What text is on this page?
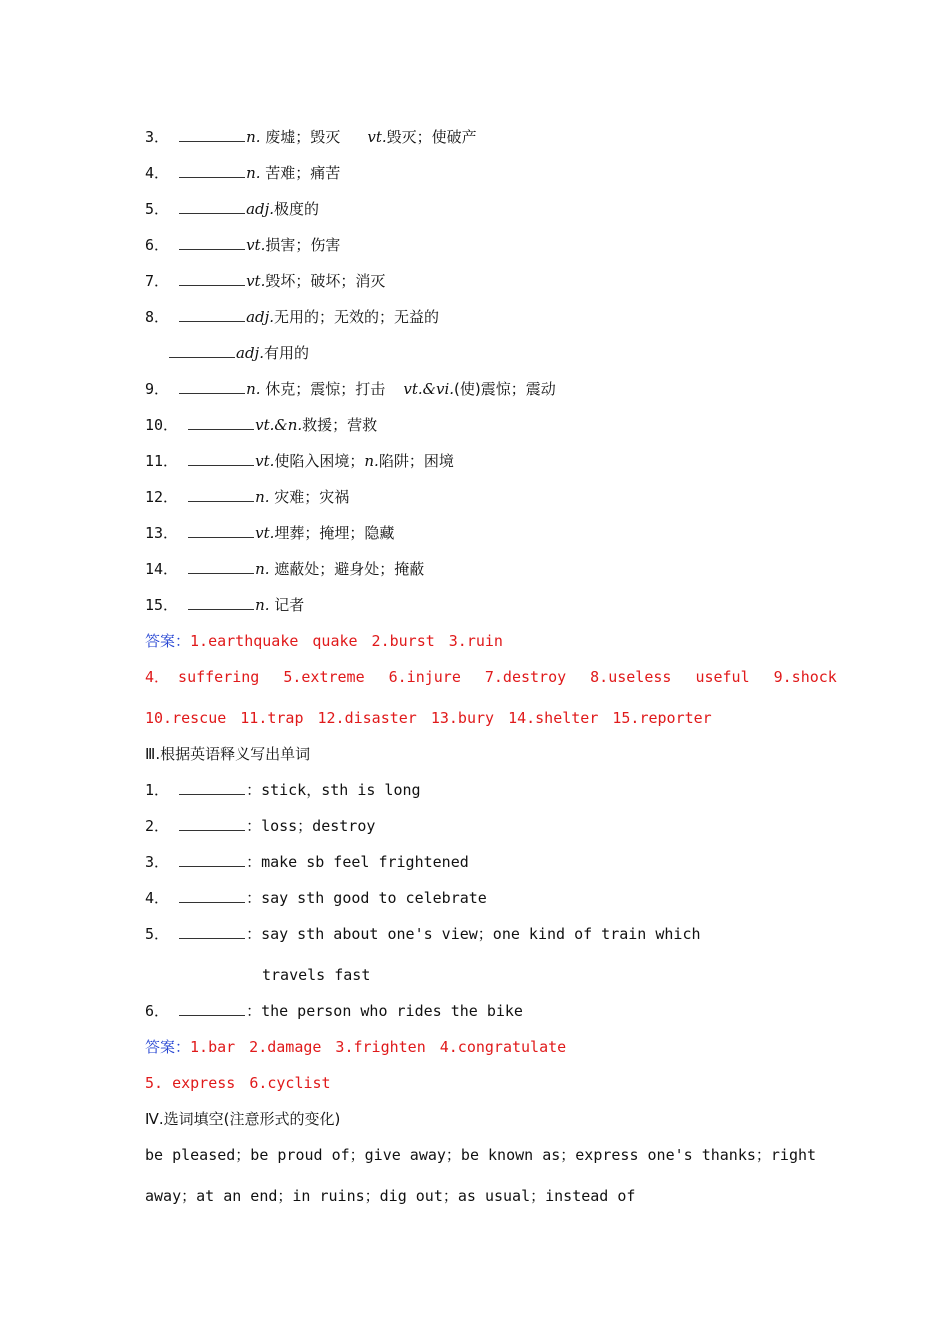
3．	n. 废墟；毁灭 vt.毁灭；使破产
4．	n. 苦难；痛苦
5．	adj.极度的
6．	vt.损害；伤害
7．	vt.毁坏；破坏；消灭
8．	adj.无用的；无效的；无益的
adj.有用的
9．	n. 休克；震惊；打击 vt.&vi.(使)震惊；震动
10．	vt.&n.救援；营救
11．	vt.使陷入困境；n.陷阱；困境
12．	n. 灾难；灾祸
13．	vt.埋葬；掩埋；隐藏
14．	n. 遮蔽处；避身处；掩蔽
15．	n. 记者
答案：1.earthquake quake 2.burst 3.ruin
4． suffering 5.extreme 6.injure 7.destroy 8.useless useful 9.shock
10.rescue 11.trap 12.disaster 13.bury 14.shelter 15.reporter
Ⅲ.根据英语释义写出单词
1．	：stick，sth is long
2．	：loss；destroy
3．	：make sb feel frightened
4．	：say sth good to celebrate
5．	：say sth about one's view；one kind of train which
travels fast
6．	：the person who rides the bike
答案：1.bar 2.damage 3.frighten 4.congratulate
5. express 6.cyclist
Ⅳ.选词填空(注意形式的变化)
be pleased；be proud of；give away；be known as；express one's thanks；right
away；at an end；in ruins；dig out；as usual；instead of
